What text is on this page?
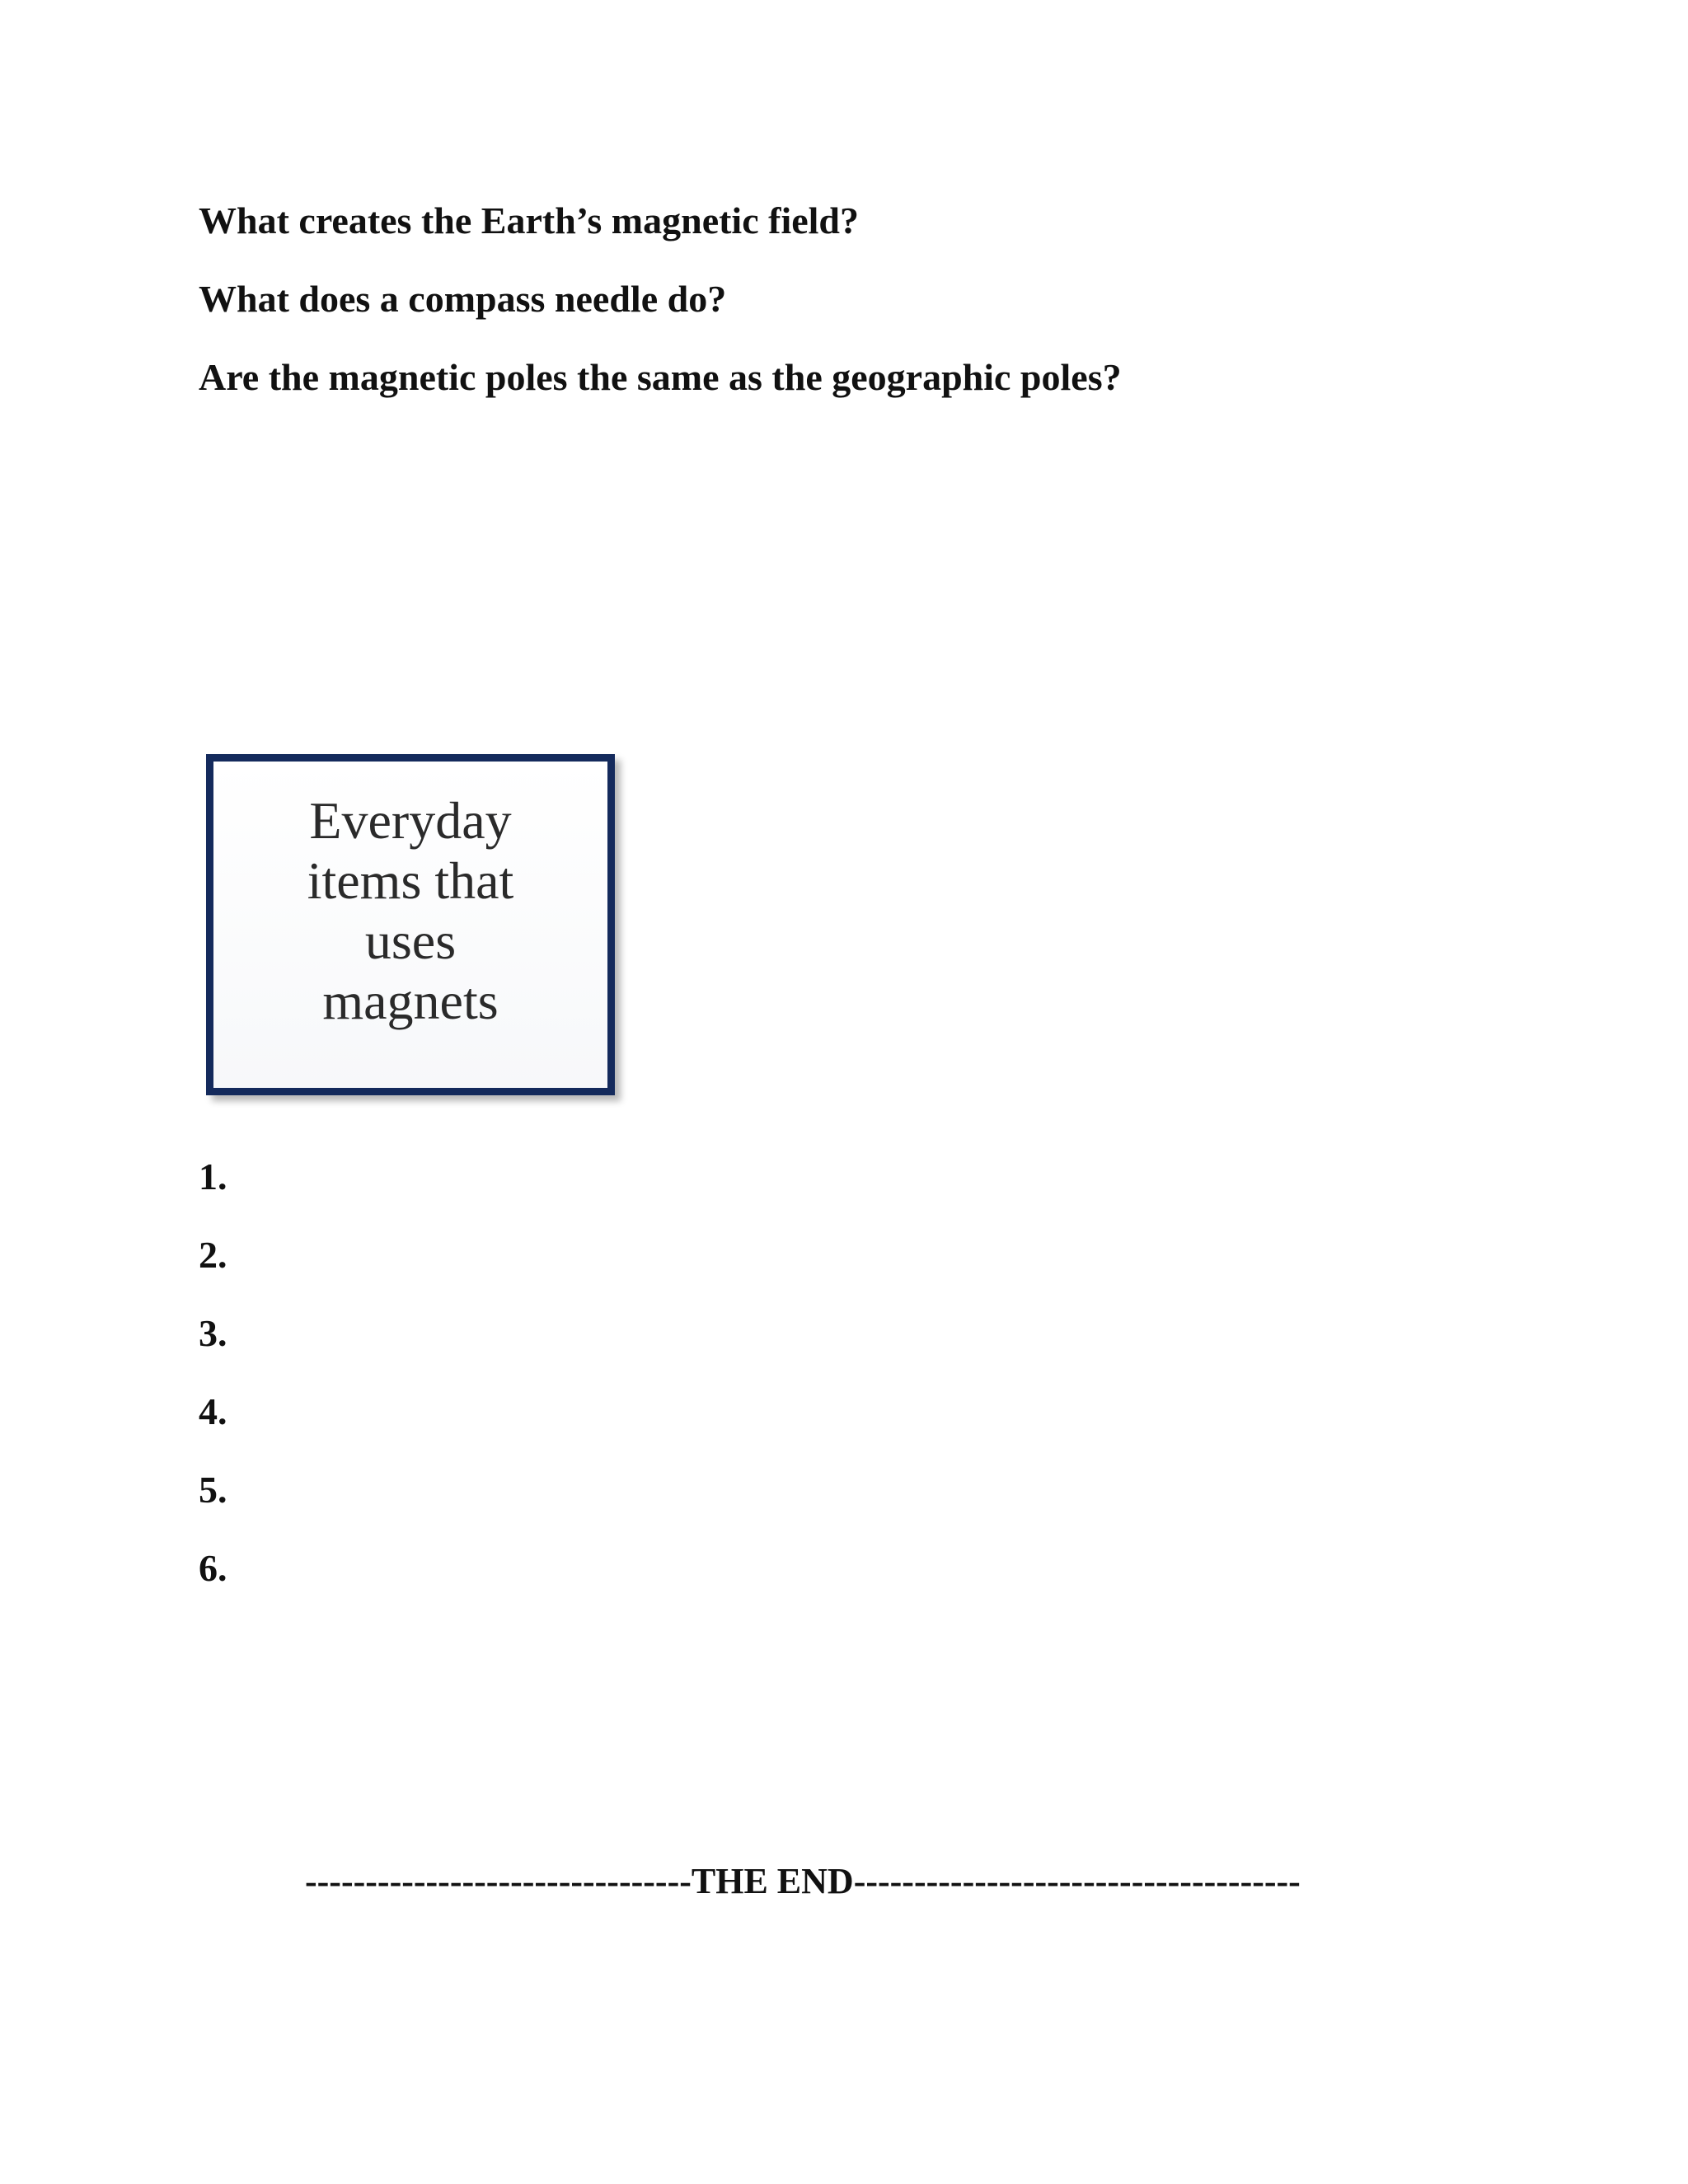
What creates the Earth’s magnetic field?
What does a compass needle do?
Are the magnetic poles the same as the geographic poles?
Everyday items that uses magnets
1.
2.
3.
4.
5.
6.
--------------------------------THE END-------------------------------------
